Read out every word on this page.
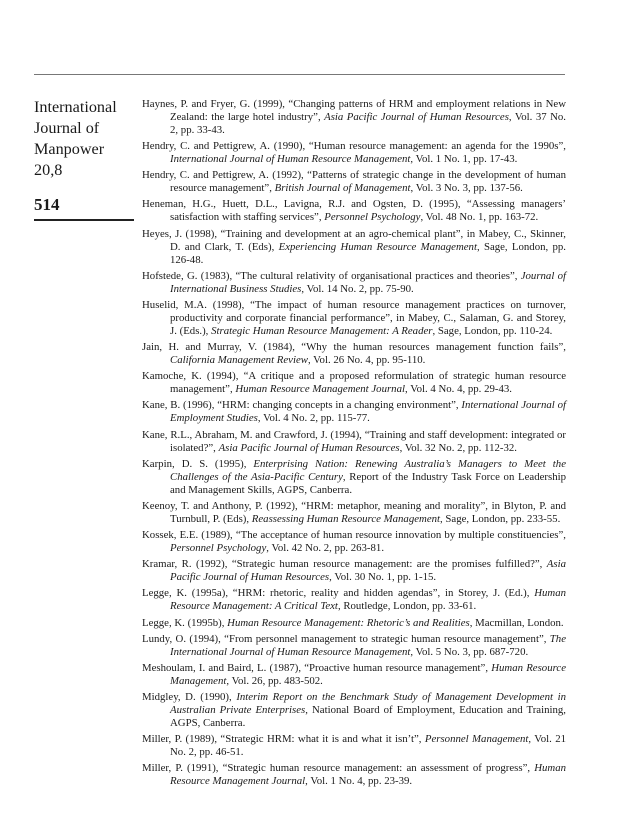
International
Journal of
Manpower
20,8
514
Haynes, P. and Fryer, G. (1999), “Changing patterns of HRM and employment relations in New Zealand: the large hotel industry”, Asia Pacific Journal of Human Resources, Vol. 37 No. 2, pp. 33-43.
Hendry, C. and Pettigrew, A. (1990), “Human resource management: an agenda for the 1990s”, International Journal of Human Resource Management, Vol. 1 No. 1, pp. 17-43.
Hendry, C. and Pettigrew, A. (1992), “Patterns of strategic change in the development of human resource management”, British Journal of Management, Vol. 3 No. 3, pp. 137-56.
Heneman, H.G., Huett, D.L., Lavigna, R.J. and Ogsten, D. (1995), “Assessing managers’ satisfaction with staffing services”, Personnel Psychology, Vol. 48 No. 1, pp. 163-72.
Heyes, J. (1998), “Training and development at an agro-chemical plant”, in Mabey, C., Skinner, D. and Clark, T. (Eds), Experiencing Human Resource Management, Sage, London, pp. 126-48.
Hofstede, G. (1983), “The cultural relativity of organisational practices and theories”, Journal of International Business Studies, Vol. 14 No. 2, pp. 75-90.
Huselid, M.A. (1998), “The impact of human resource management practices on turnover, productivity and corporate financial performance”, in Mabey, C., Salaman, G. and Storey, J. (Eds.), Strategic Human Resource Management: A Reader, Sage, London, pp. 110-24.
Jain, H. and Murray, V. (1984), “Why the human resources management function fails”, California Management Review, Vol. 26 No. 4, pp. 95-110.
Kamoche, K. (1994), “A critique and a proposed reformulation of strategic human resource management”, Human Resource Management Journal, Vol. 4 No. 4, pp. 29-43.
Kane, B. (1996), “HRM: changing concepts in a changing environment”, International Journal of Employment Studies, Vol. 4 No. 2, pp. 115-77.
Kane, R.L., Abraham, M. and Crawford, J. (1994), “Training and staff development: integrated or isolated?”, Asia Pacific Journal of Human Resources, Vol. 32 No. 2, pp. 112-32.
Karpin, D. S. (1995), Enterprising Nation: Renewing Australia’s Managers to Meet the Challenges of the Asia-Pacific Century, Report of the Industry Task Force on Leadership and Management Skills, AGPS, Canberra.
Keenoy, T. and Anthony, P. (1992), “HRM: metaphor, meaning and morality”, in Blyton, P. and Turnbull, P. (Eds), Reassessing Human Resource Management, Sage, London, pp. 233-55.
Kossek, E.E. (1989), “The acceptance of human resource innovation by multiple constituencies”, Personnel Psychology, Vol. 42 No. 2, pp. 263-81.
Kramar, R. (1992), “Strategic human resource management: are the promises fulfilled?”, Asia Pacific Journal of Human Resources, Vol. 30 No. 1, pp. 1-15.
Legge, K. (1995a), “HRM: rhetoric, reality and hidden agendas”, in Storey, J. (Ed.), Human Resource Management: A Critical Text, Routledge, London, pp. 33-61.
Legge, K. (1995b), Human Resource Management: Rhetoric’s and Realities, Macmillan, London.
Lundy, O. (1994), “From personnel management to strategic human resource management”, The International Journal of Human Resource Management, Vol. 5 No. 3, pp. 687-720.
Meshoulam, I. and Baird, L. (1987), “Proactive human resource management”, Human Resource Management, Vol. 26, pp. 483-502.
Midgley, D. (1990), Interim Report on the Benchmark Study of Management Development in Australian Private Enterprises, National Board of Employment, Education and Training, AGPS, Canberra.
Miller, P. (1989), “Strategic HRM: what it is and what it isn’t”, Personnel Management, Vol. 21 No. 2, pp. 46-51.
Miller, P. (1991), “Strategic human resource management: an assessment of progress”, Human Resource Management Journal, Vol. 1 No. 4, pp. 23-39.
